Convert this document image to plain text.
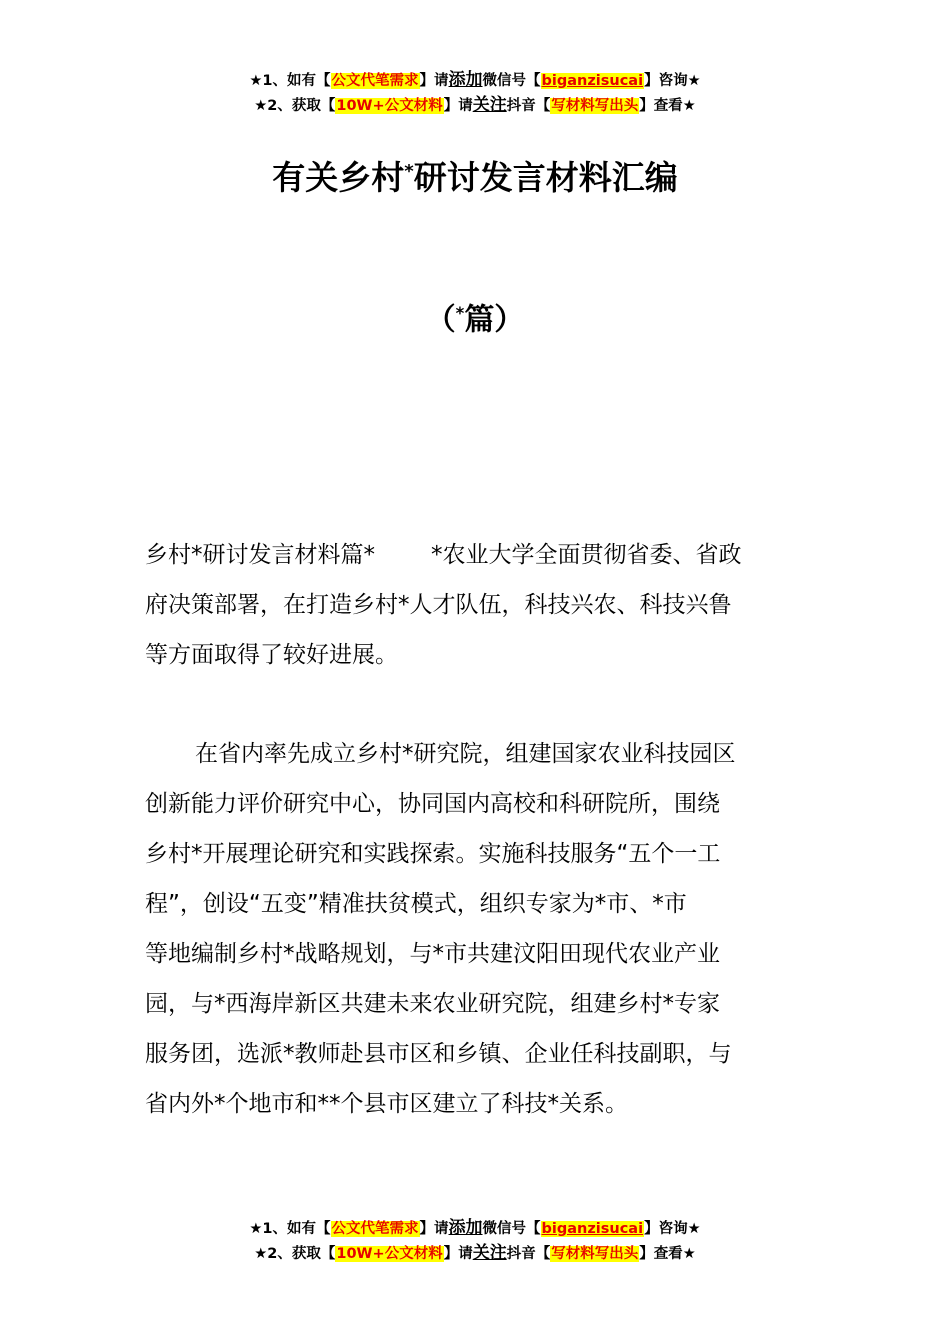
★1、如有【公文代笔需求】请添加微信号【biganzisucai】咨询★
★2、获取【10W+公文材料】请关注抖音【写材料写出头】查看★
有关乡村*研讨发言材料汇编
（*篇）
乡村*研讨发言材料篇* *农业大学全面贯彻省委、省政
府决策部署，在打造乡村*人才队伍，科技兴农、科技兴鲁
等方面取得了较好进展。
在省内率先成立乡村*研究院，组建国家农业科技园区
创新能力评价研究中心，协同国内高校和科研院所，围绕
乡村*开展理论研究和实践探索。实施科技服务“五个一工
程”，创设“五变”精准扶贫模式，组织专家为*市、*市
等地编制乡村*战略规划，与*市共建汶阳田现代农业产业
园，与*西海岸新区共建未来农业研究院，组建乡村*专家
服务团，选派*教师赴县市区和乡镇、企业任科技副职，与
省内外*个地市和**个县市区建立了科技*关系。
★1、如有【公文代笔需求】请添加微信号【biganzisucai】咨询★
★2、获取【10W+公文材料】请关注抖音【写材料写出头】查看★
